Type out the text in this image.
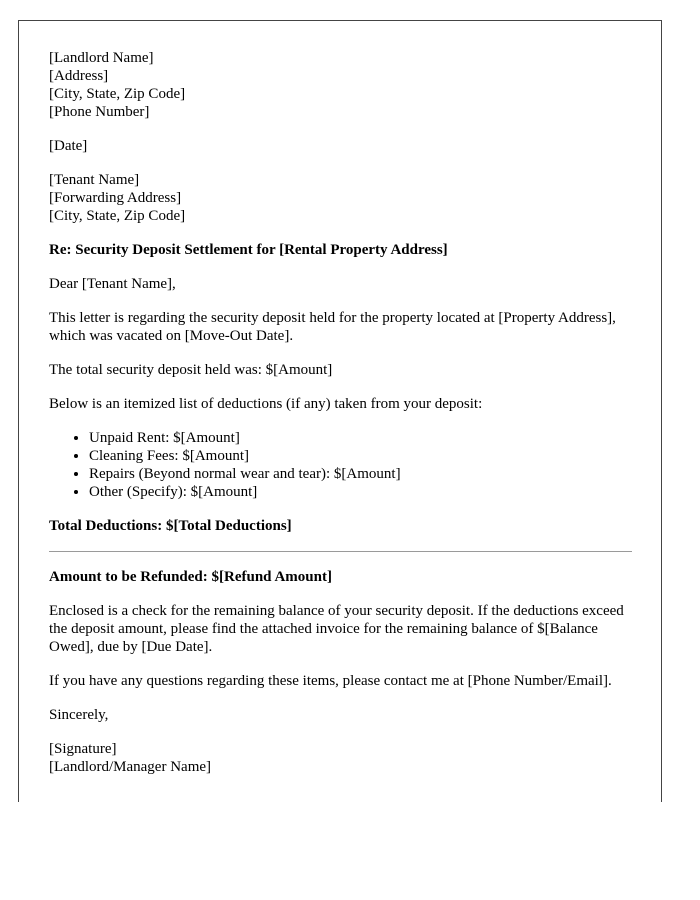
[Landlord Name]

[Address]

[City, State, Zip Code]

[Phone Number]

[Date]

[Tenant Name]

[Forwarding Address]

[City, State, Zip Code]

Re: Security Deposit Settlement for [Rental Property Address]

Dear [Tenant Name],

This letter is regarding the security deposit held for the property located at [Property Address], which was vacated on [Move-Out Date].

The total security deposit held was: $[Amount]

Below is an itemized list of deductions (if any) taken from your deposit:

• Unpaid Rent: $[Amount]
• Cleaning Fees: $[Amount]
• Repairs (Beyond normal wear and tear): $[Amount]
• Other (Specify): $[Amount]

Total Deductions: $[Total Deductions]

Amount to be Refunded: $[Refund Amount]

Enclosed is a check for the remaining balance of your security deposit. If the deductions exceed the deposit amount, please find the attached invoice for the remaining balance of $[Balance Owed], due by [Due Date].

If you have any questions regarding these items, please contact me at [Phone Number/Email].

Sincerely,

[Signature]

[Landlord/Manager Name]
